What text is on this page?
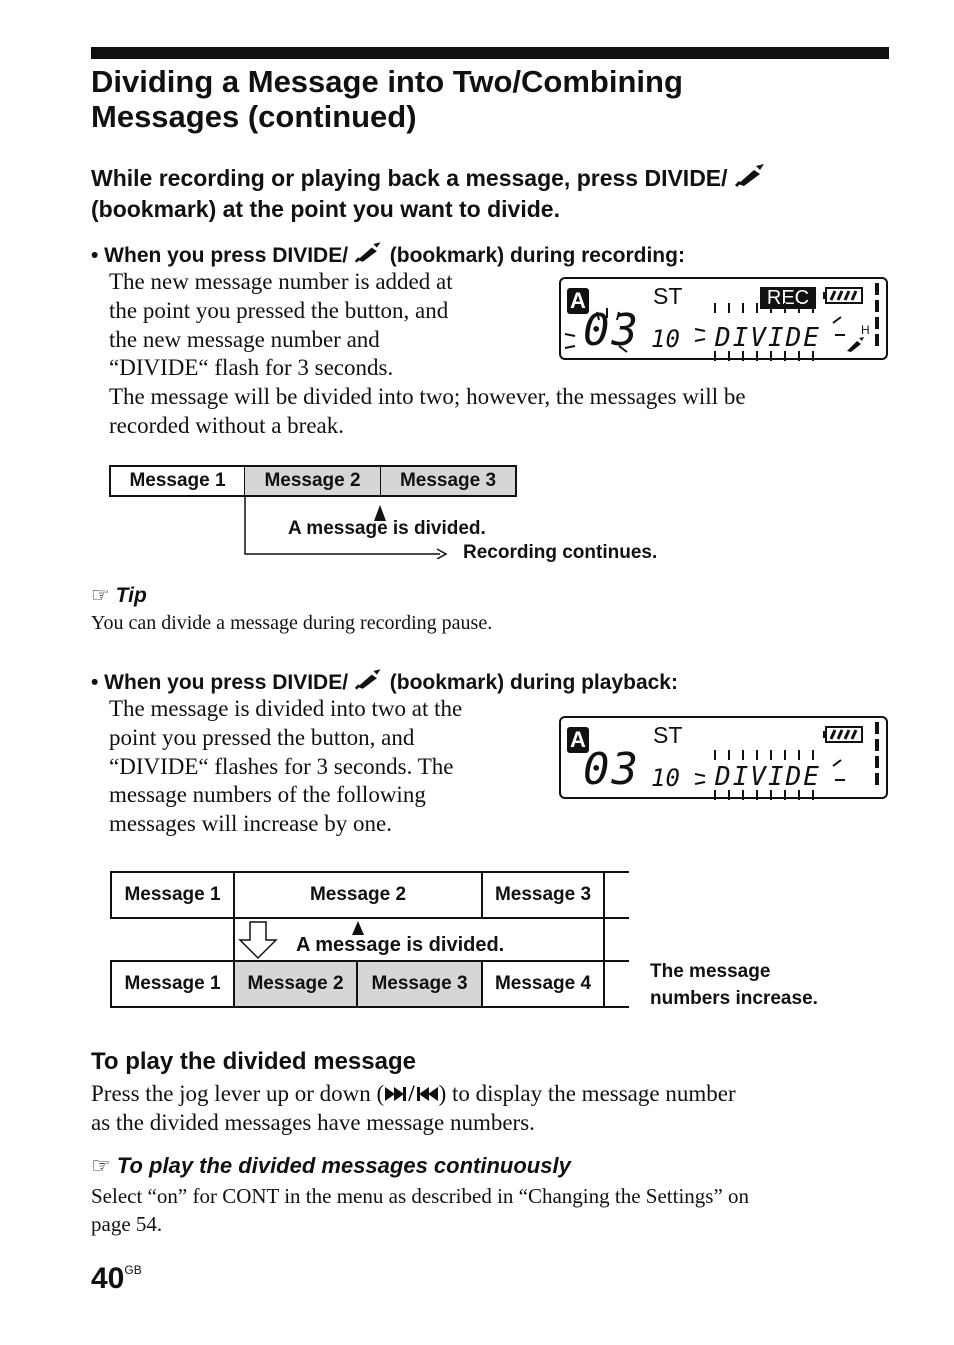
Dividing a Message into Two/Combining
Messages (continued)
While recording or playing back a message, press DIVIDE/
(bookmark) at the point you want to divide.
• When you press DIVIDE/ (bookmark) during recording:
The new message number is added at
the point you pressed the button, and
the new message number and
“DIVIDE“ flash for 3 seconds.
The message will be divided into two; however, the messages will be
recorded without a break.
A	ST	REC
03 10 DIVIDE	H
Message 1 Message 2 Message 3
A message is divided.
Recording continues.
☞ Tip
You can divide a message during recording pause.
• When you press DIVIDE/ (bookmark) during playback:
The message is divided into two at the
point you pressed the button, and
“DIVIDE“ flashes for 3 seconds. The
message numbers of the following
messages will increase by one.
A	ST
03 10 DIVIDE
Message 1	Message 2	Message 3
A message is divided.
Message 1 Message 2 Message 3 Message 4
The message
numbers increase.
To play the divided message
Press the jog lever up or down ( / ) to display the message number
as the divided messages have message numbers.
☞ To play the divided messages continuously
Select “on” for CONT in the menu as described in “Changing the Settings” on
page 54.
$40^{GB}$
